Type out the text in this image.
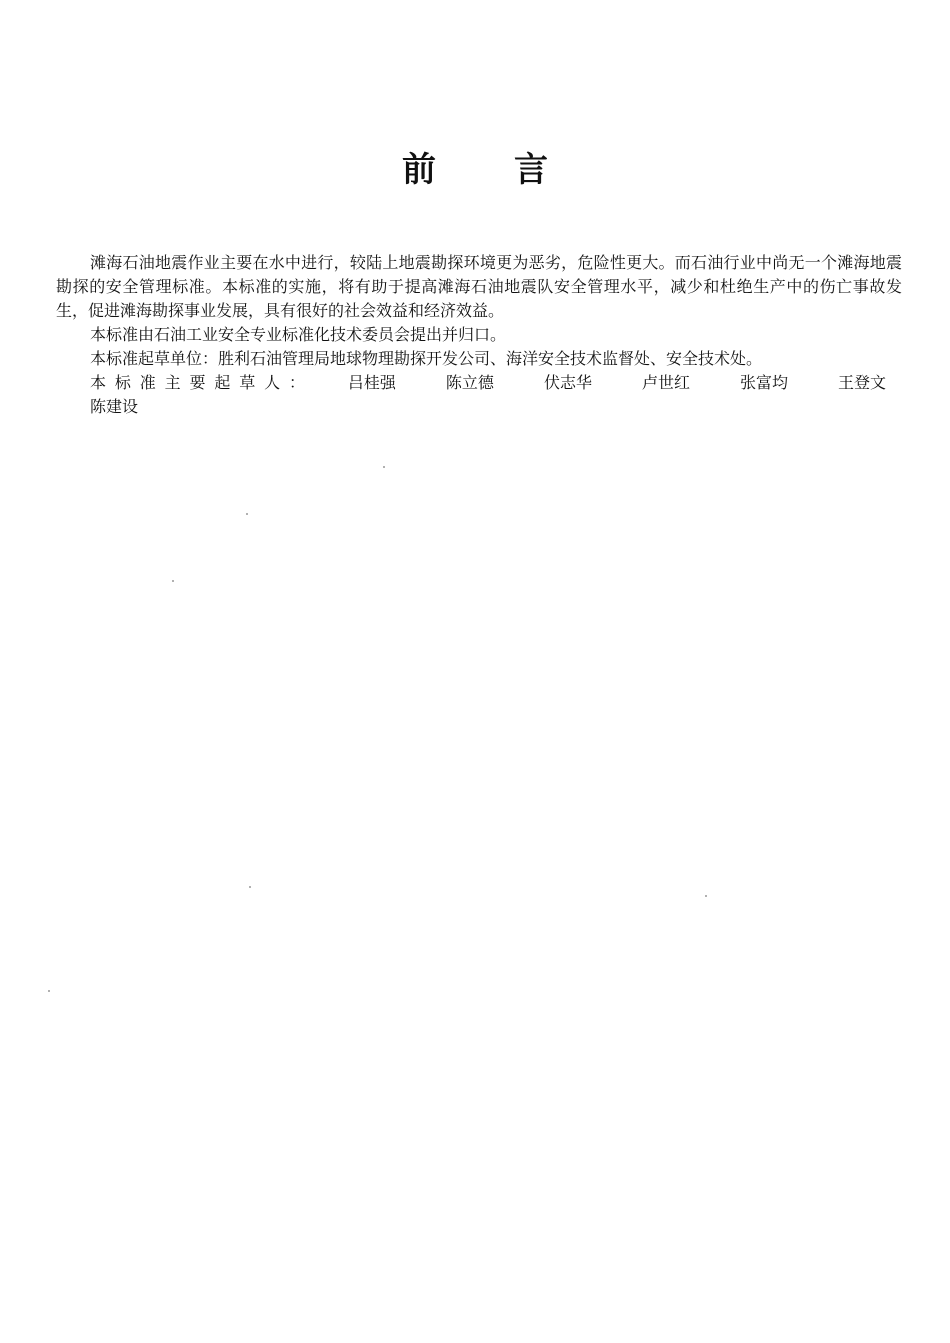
前言

滩海石油地震作业主要在水中进行，较陆上地震勘探环境更为恶劣，危险性更大。而石油行业中尚无一个滩海地震勘探的安全管理标准。本标准的实施，将有助于提高滩海石油地震队安全管理水平，减少和杜绝生产中的伤亡事故发生，促进滩海勘探事业发展，具有很好的社会效益和经济效益。

本标准由石油工业安全专业标准化技术委员会提出并归口。

本标准起草单位：胜利石油管理局地球物理勘探开发公司、海洋安全技术监督处、安全技术处。

本标准主要起草人： 吕桂强	陈立德	伏志华	卢世红	张富均	王登文陈建设
